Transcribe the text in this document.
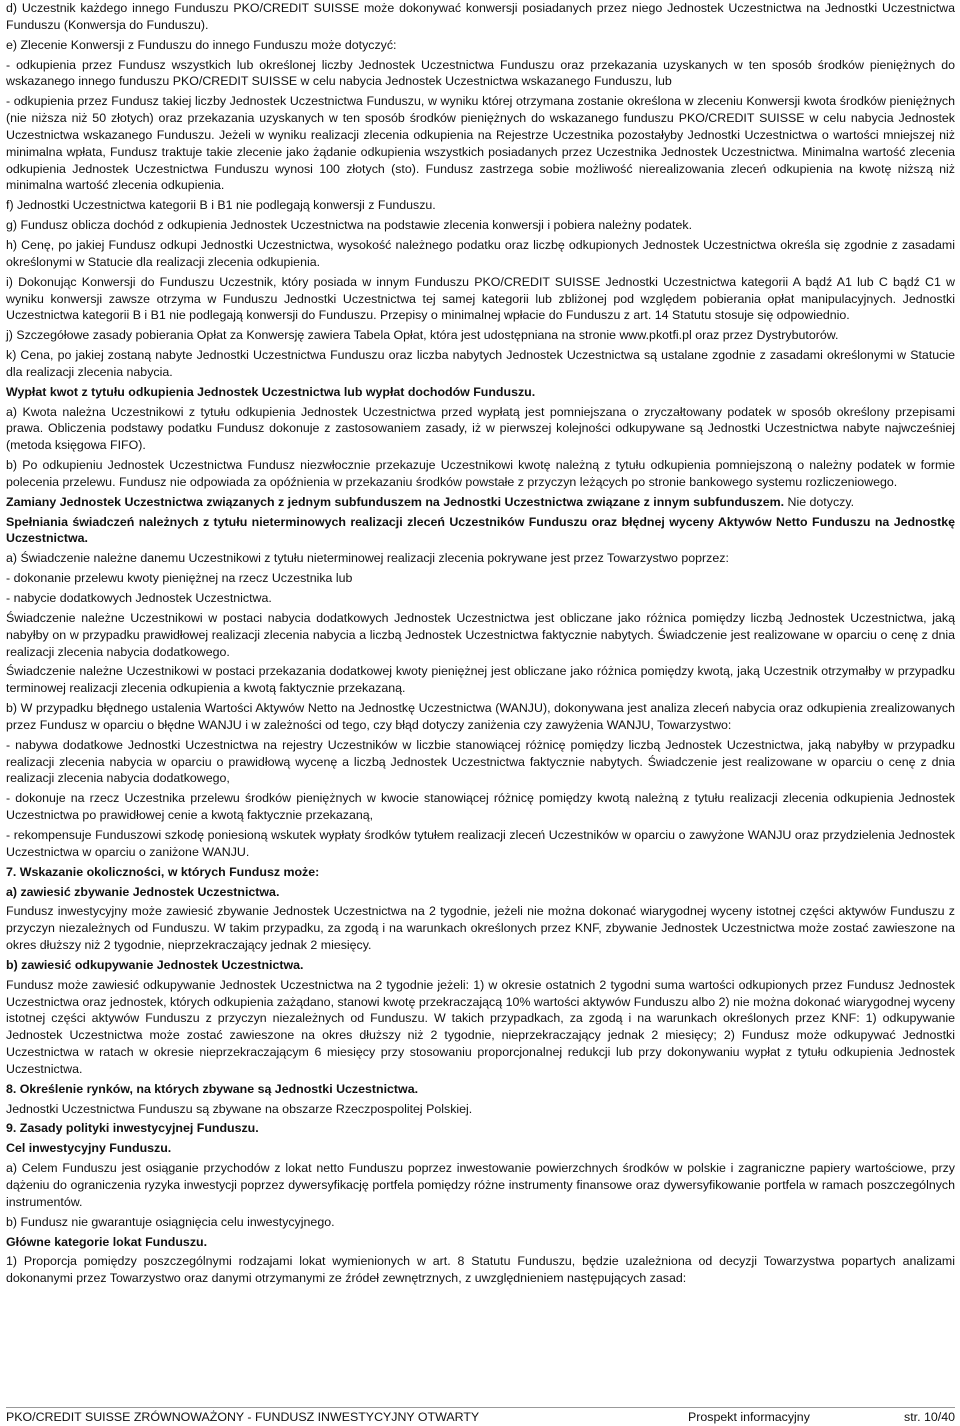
d) Uczestnik każdego innego Funduszu PKO/CREDIT SUISSE może dokonywać konwersji posiadanych przez niego Jednostek Uczestnictwa na Jednostki Uczestnictwa Funduszu (Konwersja do Funduszu).

e) Zlecenie Konwersji z Funduszu do innego Funduszu może dotyczyć:

- odkupienia przez Fundusz wszystkich lub określonej liczby Jednostek Uczestnictwa Funduszu oraz przekazania uzyskanych w ten sposób środków pieniężnych do wskazanego innego funduszu PKO/CREDIT SUISSE w celu nabycia Jednostek Uczestnictwa wskazanego Funduszu, lub

- odkupienia przez Fundusz takiej liczby Jednostek Uczestnictwa Funduszu, w wyniku której otrzymana zostanie określona w zleceniu Konwersji kwota środków pieniężnych (nie niższa niż 50 złotych) oraz przekazania uzyskanych w ten sposób środków pieniężnych do wskazanego funduszu PKO/CREDIT SUISSE w celu nabycia Jednostek Uczestnictwa wskazanego Funduszu. Jeżeli w wyniku realizacji zlecenia odkupienia na Rejestrze Uczestnika pozostałyby Jednostki Uczestnictwa o wartości mniejszej niż minimalna wpłata, Fundusz traktuje takie zlecenie jako żądanie odkupienia wszystkich posiadanych przez Uczestnika Jednostek Uczestnictwa. Minimalna wartość zlecenia odkupienia Jednostek Uczestnictwa Funduszu wynosi 100 złotych (sto). Fundusz zastrzega sobie możliwość nierealizowania zleceń odkupienia na kwotę niższą niż minimalna wartość zlecenia odkupienia.

f) Jednostki Uczestnictwa kategorii B i B1 nie podlegają konwersji z Funduszu.

g) Fundusz oblicza dochód z odkupienia Jednostek Uczestnictwa na podstawie zlecenia konwersji i pobiera należny podatek.

h) Cenę, po jakiej Fundusz odkupi Jednostki Uczestnictwa, wysokość należnego podatku oraz liczbę odkupionych Jednostek Uczestnictwa określa się zgodnie z zasadami określonymi w Statucie dla realizacji zlecenia odkupienia.

i) Dokonując Konwersji do Funduszu Uczestnik, który posiada w innym Funduszu PKO/CREDIT SUISSE Jednostki Uczestnictwa kategorii A bądź A1 lub C bądź C1 w wyniku konwersji zawsze otrzyma w Funduszu Jednostki Uczestnictwa tej samej kategorii lub zbliżonej pod względem pobierania opłat manipulacyjnych. Jednostki Uczestnictwa kategorii B i B1 nie podlegają konwersji do Funduszu. Przepisy o minimalnej wpłacie do Funduszu z art. 14 Statutu stosuje się odpowiednio.

j) Szczegółowe zasady pobierania Opłat za Konwersję zawiera Tabela Opłat, która jest udostępniana na stronie www.pkotfi.pl oraz przez Dystrybutorów.

k) Cena, po jakiej zostaną nabyte Jednostki Uczestnictwa Funduszu oraz liczba nabytych Jednostek Uczestnictwa są ustalane zgodnie z zasadami określonymi w Statucie dla realizacji zlecenia nabycia.

Wypłat kwot z tytułu odkupienia Jednostek Uczestnictwa lub wypłat dochodów Funduszu.

a) Kwota należna Uczestnikowi z tytułu odkupienia Jednostek Uczestnictwa przed wypłatą jest pomniejszana o zryczałtowany podatek w sposób określony przepisami prawa. Obliczenia podstawy podatku Fundusz dokonuje z zastosowaniem zasady, iż w pierwszej kolejności odkupywane są Jednostki Uczestnictwa nabyte najwcześniej (metoda księgowa FIFO).

b) Po odkupieniu Jednostek Uczestnictwa Fundusz niezwłocznie przekazuje Uczestnikowi kwotę należną z tytułu odkupienia pomniejszoną o należny podatek w formie polecenia przelewu. Fundusz nie odpowiada za opóźnienia w przekazaniu środków powstałe z przyczyn leżących po stronie bankowego systemu rozliczeniowego.

Zamiany Jednostek Uczestnictwa związanych z jednym subfunduszem na Jednostki Uczestnictwa związane z innym subfunduszem. Nie dotyczy.

Spełniania świadczeń należnych z tytułu nieterminowych realizacji zleceń Uczestników Funduszu oraz błędnej wyceny Aktywów Netto Funduszu na Jednostkę Uczestnictwa.

a) Świadczenie należne danemu Uczestnikowi z tytułu nieterminowej realizacji zlecenia pokrywane jest przez Towarzystwo poprzez:

- dokonanie przelewu kwoty pieniężnej na rzecz Uczestnika lub

- nabycie dodatkowych Jednostek Uczestnictwa.

Świadczenie należne Uczestnikowi w postaci nabycia dodatkowych Jednostek Uczestnictwa jest obliczane jako różnica pomiędzy liczbą Jednostek Uczestnictwa, jaką nabyłby on w przypadku prawidłowej realizacji zlecenia nabycia a liczbą Jednostek Uczestnictwa faktycznie nabytych. Świadczenie jest realizowane w oparciu o cenę z dnia realizacji zlecenia nabycia dodatkowego.

Świadczenie należne Uczestnikowi w postaci przekazania dodatkowej kwoty pieniężnej jest obliczane jako różnica pomiędzy kwotą, jaką Uczestnik otrzymałby w przypadku terminowej realizacji zlecenia odkupienia a kwotą faktycznie przekazaną.

b) W przypadku błędnego ustalenia Wartości Aktywów Netto na Jednostkę Uczestnictwa (WANJU), dokonywana jest analiza zleceń nabycia oraz odkupienia zrealizowanych przez Fundusz w oparciu o błędne WANJU i w zależności od tego, czy błąd dotyczy zaniżenia czy zawyżenia WANJU, Towarzystwo:

- nabywa dodatkowe Jednostki Uczestnictwa na rejestry Uczestników w liczbie stanowiącej różnicę pomiędzy liczbą Jednostek Uczestnictwa, jaką nabyłby w przypadku realizacji zlecenia nabycia w oparciu o prawidłową wycenę a liczbą Jednostek Uczestnictwa faktycznie nabytych. Świadczenie jest realizowane w oparciu o cenę z dnia realizacji zlecenia nabycia dodatkowego,

- dokonuje na rzecz Uczestnika przelewu środków pieniężnych w kwocie stanowiącej różnicę pomiędzy kwotą należną z tytułu realizacji zlecenia odkupienia Jednostek Uczestnictwa po prawidłowej cenie a kwotą faktycznie przekazaną,

- rekompensuje Funduszowi szkodę poniesioną wskutek wypłaty środków tytułem realizacji zleceń Uczestników w oparciu o zawyżone WANJU oraz przydzielenia Jednostek Uczestnictwa w oparciu o zaniżone WANJU.

7. Wskazanie okoliczności, w których Fundusz może:

a) zawiesić zbywanie Jednostek Uczestnictwa.

Fundusz inwestycyjny może zawiesić zbywanie Jednostek Uczestnictwa na 2 tygodnie, jeżeli nie można dokonać wiarygodnej wyceny istotnej części aktywów Funduszu z przyczyn niezależnych od Funduszu. W takim przypadku, za zgodą i na warunkach określonych przez KNF, zbywanie Jednostek Uczestnictwa może zostać zawieszone na okres dłuższy niż 2 tygodnie, nieprzekraczający jednak 2 miesięcy.

b) zawiesić odkupywanie Jednostek Uczestnictwa.

Fundusz może zawiesić odkupywanie Jednostek Uczestnictwa na 2 tygodnie jeżeli: 1) w okresie ostatnich 2 tygodni suma wartości odkupionych przez Fundusz Jednostek Uczestnictwa oraz jednostek, których odkupienia zażądano, stanowi kwotę przekraczającą 10% wartości aktywów Funduszu albo 2) nie można dokonać wiarygodnej wyceny istotnej części aktywów Funduszu z przyczyn niezależnych od Funduszu. W takich przypadkach, za zgodą i na warunkach określonych przez KNF: 1) odkupywanie Jednostek Uczestnictwa może zostać zawieszone na okres dłuższy niż 2 tygodnie, nieprzekraczający jednak 2 miesięcy; 2) Fundusz może odkupywać Jednostki Uczestnictwa w ratach w okresie nieprzekraczającym 6 miesięcy przy stosowaniu proporcjonalnej redukcji lub przy dokonywaniu wypłat z tytułu odkupienia Jednostek Uczestnictwa.

8. Określenie rynków, na których zbywane są Jednostki Uczestnictwa.

Jednostki Uczestnictwa Funduszu są zbywane na obszarze Rzeczpospolitej Polskiej.

9. Zasady polityki inwestycyjnej Funduszu.

Cel inwestycyjny Funduszu.

a) Celem Funduszu jest osiąganie przychodów z lokat netto Funduszu poprzez inwestowanie powierzchnych środków w polskie i zagraniczne papiery wartościowe, przy dążeniu do ograniczenia ryzyka inwestycji poprzez dywersyfikację portfela pomiędzy różne instrumenty finansowe oraz dywersyfikowanie portfela w ramach poszczególnych instrumentów.

b) Fundusz nie gwarantuje osiągnięcia celu inwestycyjnego.

Główne kategorie lokat Funduszu.

1) Proporcja pomiędzy poszczególnymi rodzajami lokat wymienionych w art. 8 Statutu Funduszu, będzie uzależniona od decyzji Towarzystwa popartych analizami dokonanymi przez Towarzystwo oraz danymi otrzymanymi ze źródeł zewnętrznych, z uwzględnieniem następujących zasad:

PKO/CREDIT SUISSE ZRÓWNOWAŻONY - FUNDUSZ INWESTYCYJNY OTWARTY	Prospekt informacyjny	str. 10/40
